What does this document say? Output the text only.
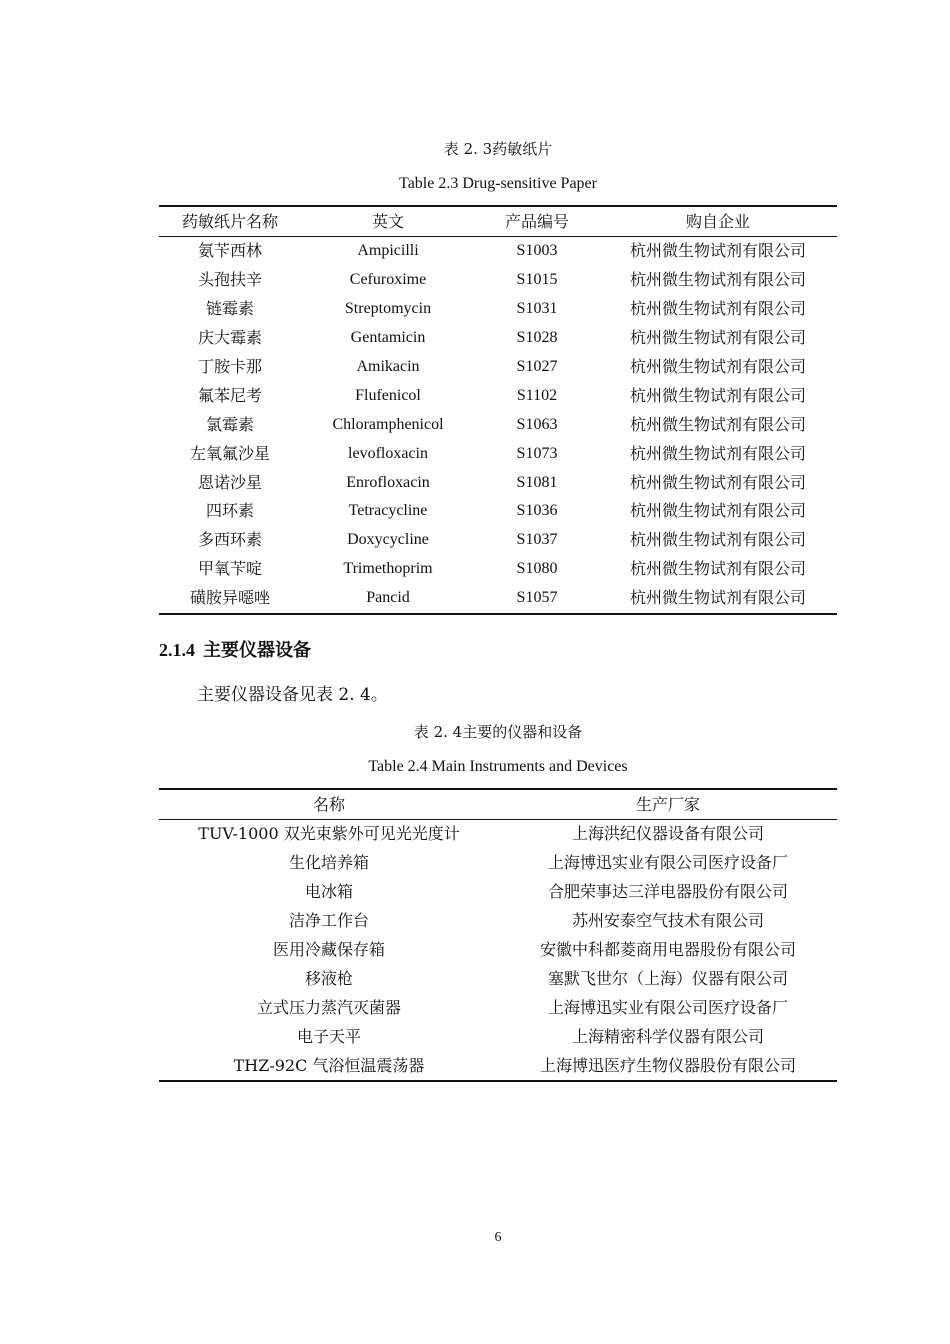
表 2. 3药敏纸片
Table 2.3 Drug-sensitive Paper
药敏纸片名称	英文	产品编号	购自企业
氨苄西林	Ampicilli	S1003	杭州微生物试剂有限公司
头孢扶辛	Cefuroxime	S1015	杭州微生物试剂有限公司
链霉素	Streptomycin	S1031	杭州微生物试剂有限公司
庆大霉素	Gentamicin	S1028	杭州微生物试剂有限公司
丁胺卡那	Amikacin	S1027	杭州微生物试剂有限公司
氟苯尼考	Flufenicol	S1102	杭州微生物试剂有限公司
氯霉素	Chloramphenicol	S1063	杭州微生物试剂有限公司
左氧氟沙星	levofloxacin	S1073	杭州微生物试剂有限公司
恩诺沙星	Enrofloxacin	S1081	杭州微生物试剂有限公司
四环素	Tetracycline	S1036	杭州微生物试剂有限公司
多西环素	Doxycycline	S1037	杭州微生物试剂有限公司
甲氧苄啶	Trimethoprim	S1080	杭州微生物试剂有限公司
磺胺异噁唑	Pancid	S1057	杭州微生物试剂有限公司
2.1.4 主要仪器设备
主要仪器设备见表 2. 4。
表 2. 4主要的仪器和设备
Table 2.4 Main Instruments and Devices
名称	生产厂家
TUV-1000 双光束紫外可见光光度计	上海洪纪仪器设备有限公司
生化培养箱	上海博迅实业有限公司医疗设备厂
电冰箱	合肥荣事达三洋电器股份有限公司
洁净工作台	苏州安泰空气技术有限公司
医用冷藏保存箱	安徽中科都菱商用电器股份有限公司
移液枪	塞默飞世尔（上海）仪器有限公司
立式压力蒸汽灭菌器	上海博迅实业有限公司医疗设备厂
电子天平	上海精密科学仪器有限公司
THZ-92C 气浴恒温震荡器	上海博迅医疗生物仪器股份有限公司
6
